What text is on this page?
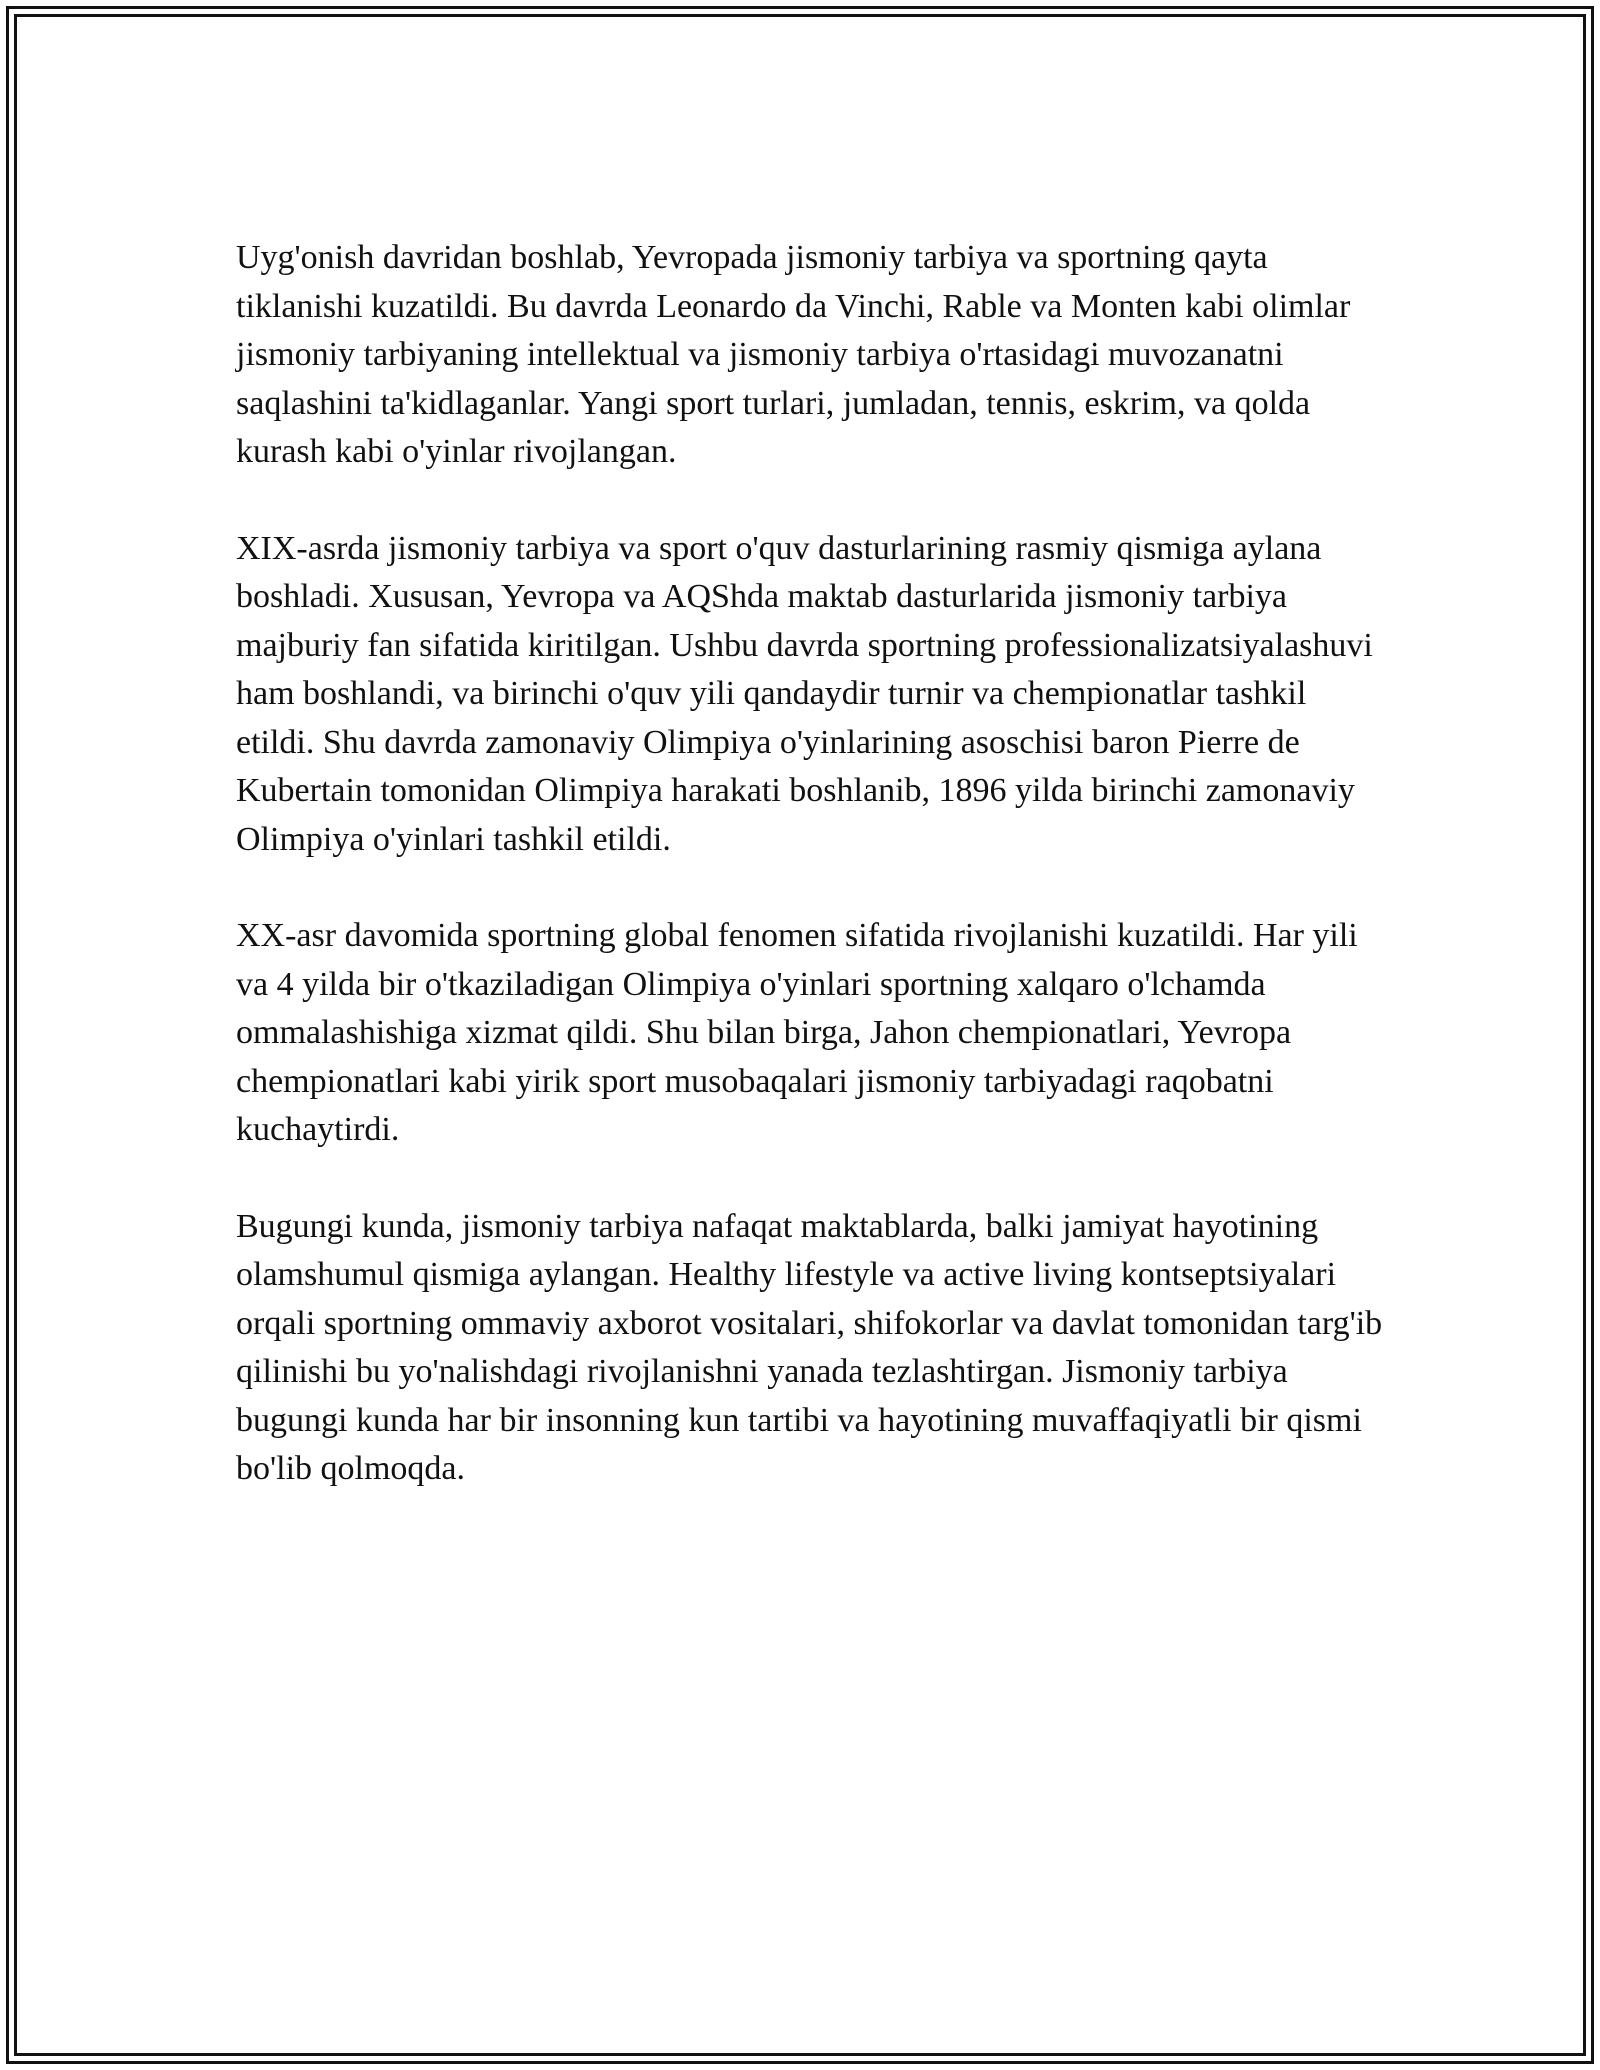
Uyg'onish davridan boshlab, Yevropada jismoniy tarbiya va sportning qayta tiklanishi kuzatildi. Bu davrda Leonardo da Vinchi, Rable va Monten kabi olimlar jismoniy tarbiyaning intellektual va jismoniy tarbiya o'rtasidagi muvozanatni saqlashini ta'kidlaganlar. Yangi sport turlari, jumladan, tennis, eskrim, va qolda kurash kabi o'yinlar rivojlangan.

XIX-asrda jismoniy tarbiya va sport o'quv dasturlarining rasmiy qismiga aylana boshladi. Xususan, Yevropa va AQShda maktab dasturlarida jismoniy tarbiya majburiy fan sifatida kiritilgan. Ushbu davrda sportning professionalizatsiyalashuvi ham boshlandi, va birinchi o'quv yili qandaydir turnir va chempionatlar tashkil etildi. Shu davrda zamonaviy Olimpiya o'yinlarining asoschisi baron Pierre de Kubertain tomonidan Olimpiya harakati boshlanib, 1896 yilda birinchi zamonaviy Olimpiya o'yinlari tashkil etildi.

XX-asr davomida sportning global fenomen sifatida rivojlanishi kuzatildi. Har yili va 4 yilda bir o'tkaziladigan Olimpiya o'yinlari sportning xalqaro o'lchamda ommalashishiga xizmat qildi. Shu bilan birga, Jahon chempionatlari, Yevropa chempionatlari kabi yirik sport musobaqalari jismoniy tarbiyadagi raqobatni kuchaytirdi.

Bugungi kunda, jismoniy tarbiya nafaqat maktablarda, balki jamiyat hayotining olamshumul qismiga aylangan. Healthy lifestyle va active living kontseptsiyalari orqali sportning ommaviy axborot vositalari, shifokorlar va davlat tomonidan targ'ib qilinishi bu yo'nalishdagi rivojlanishni yanada tezlashtirgan. Jismoniy tarbiya bugungi kunda har bir insonning kun tartibi va hayotining muvaffaqiyatli bir qismi bo'lib qolmoqda.
